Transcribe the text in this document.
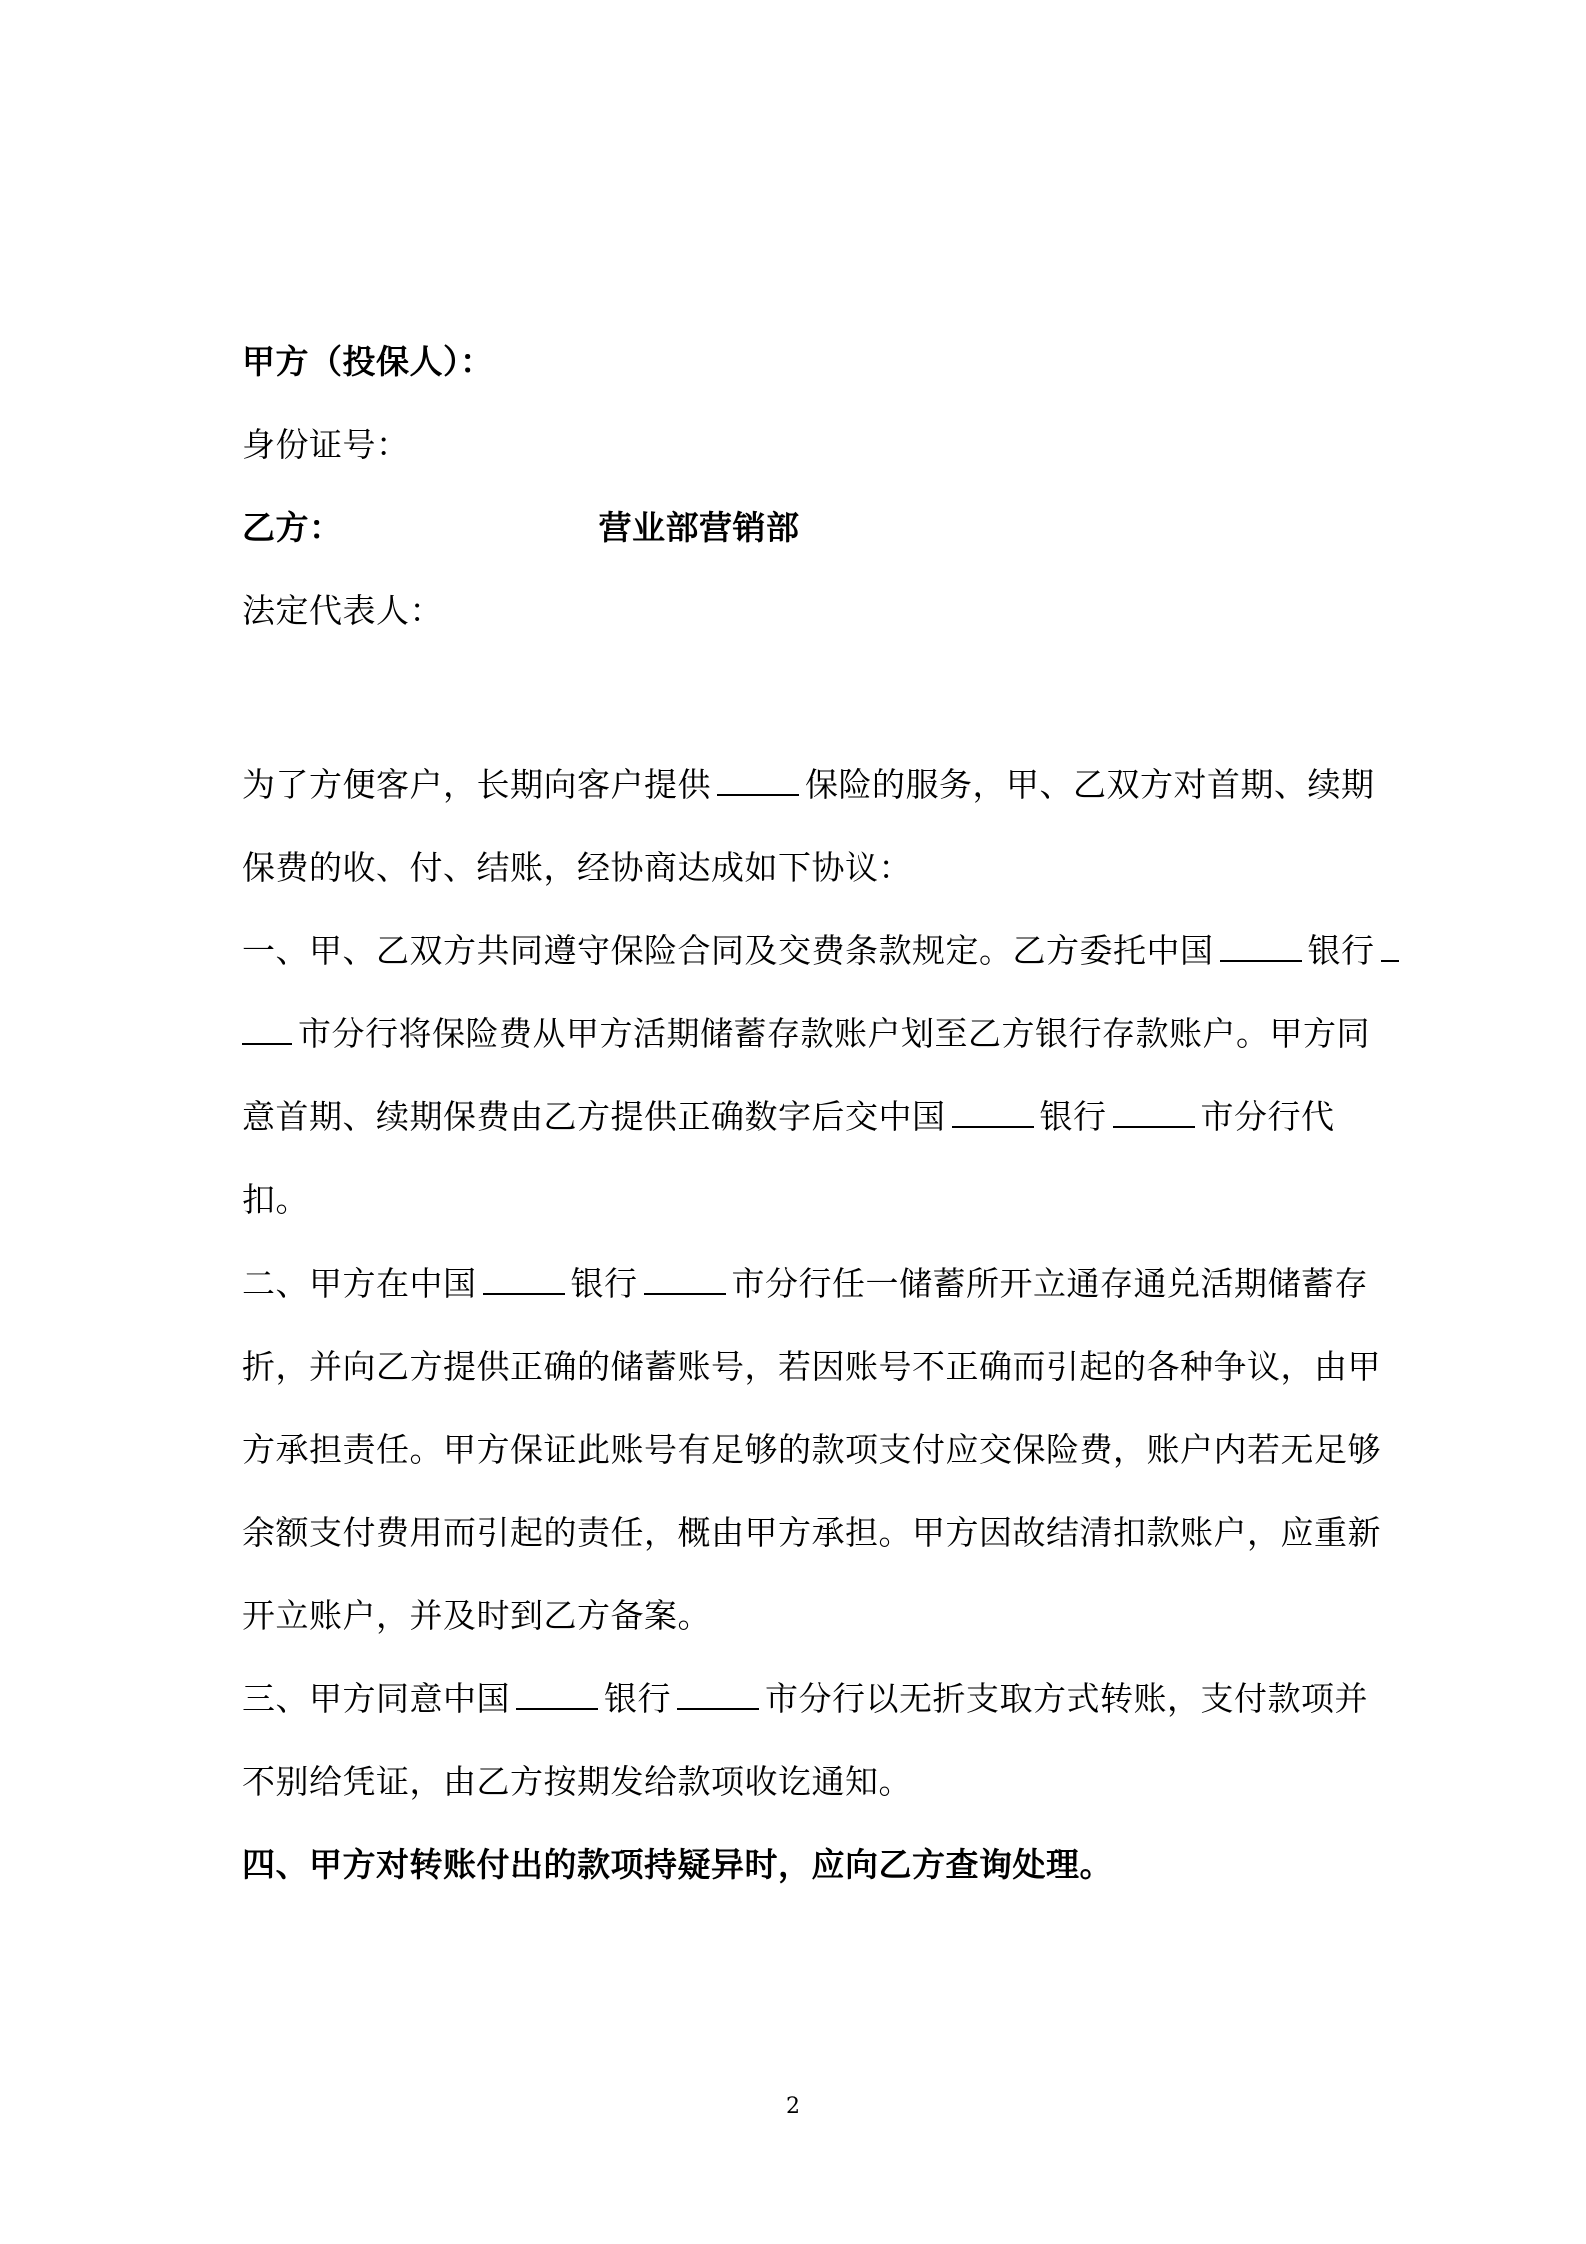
甲方（投保人）：
身份证号：
乙方：	营业部营销部
法定代表人：
为了方便客户，长期向客户提供	保险的服务，甲、乙双方对首期、续期
保费的收、付、结账，经协商达成如下协议：
一、甲、乙双方共同遵守保险合同及交费条款规定。乙方委托中国	银行
市分行将保险费从甲方活期储蓄存款账户划至乙方银行存款账户。甲方同
意首期、续期保费由乙方提供正确数字后交中国	银行	市分行代
扣。
二、甲方在中国	银行	市分行任一储蓄所开立通存通兑活期储蓄存
折，并向乙方提供正确的储蓄账号，若因账号不正确而引起的各种争议，由甲
方承担责任。甲方保证此账号有足够的款项支付应交保险费，账户内若无足够
余额支付费用而引起的责任，概由甲方承担。甲方因故结清扣款账户，应重新
开立账户，并及时到乙方备案。
三、甲方同意中国	银行	市分行以无折支取方式转账，支付款项并
不别给凭证，由乙方按期发给款项收讫通知。
四、甲方对转账付出的款项持疑异时，应向乙方查询处理。
2
